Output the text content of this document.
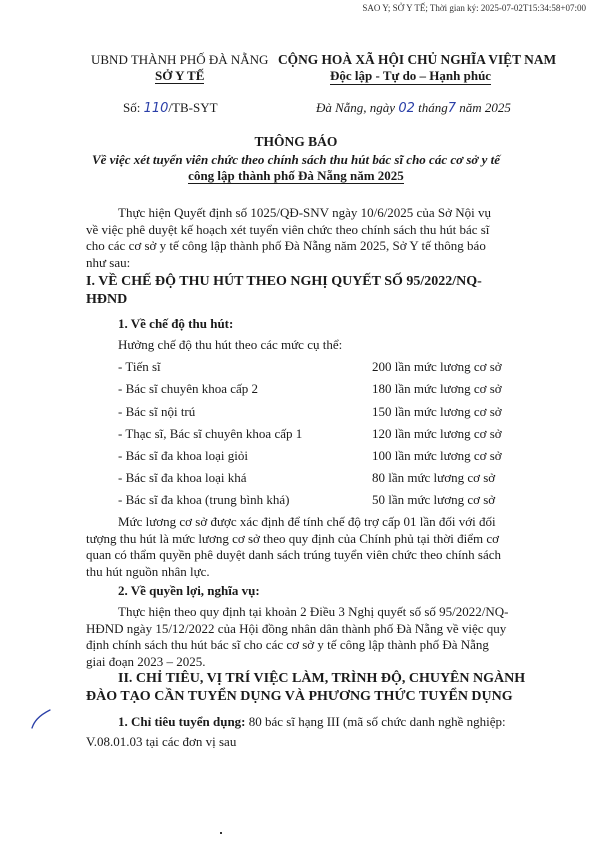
SAO Y; SỞ Y TẾ; Thời gian ký: 2025-07-02T15:34:58+07:00
UBND THÀNH PHỐ ĐÀ NẴNG
SỞ Y TẾ
CỘNG HOÀ XÃ HỘI CHỦ NGHĨA VIỆT NAM
Độc lập - Tự do – Hạnh phúc
Số: 110/TB-SYT	Đà Nẵng, ngày 02 tháng7 năm 2025
THÔNG BÁO
Về việc xét tuyển viên chức theo chính sách thu hút bác sĩ cho các cơ sở y tế
công lập thành phố Đà Nẵng năm 2025
Thực hiện Quyết định số 1025/QĐ-SNV ngày 10/6/2025 của Sở Nội vụ
về việc phê duyệt kế hoạch xét tuyển viên chức theo chính sách thu hút bác sĩ
cho các cơ sở y tế công lập thành phố Đà Nẵng năm 2025, Sở Y tế thông báo
như sau:
I. VỀ CHẾ ĐỘ THU HÚT THEO NGHỊ QUYẾT SỐ 95/2022/NQ-
HĐND
1. Về chế độ thu hút:
Hưởng chế độ thu hút theo các mức cụ thể:
- Tiến sĩ	200 lần mức lương cơ sở
- Bác sĩ chuyên khoa cấp 2	180 lần mức lương cơ sở
- Bác sĩ nội trú	150 lần mức lương cơ sở
- Thạc sĩ, Bác sĩ chuyên khoa cấp 1	120 lần mức lương cơ sở
- Bác sĩ đa khoa loại giỏi	100 lần mức lương cơ sở
- Bác sĩ đa khoa loại khá	80 lần mức lương cơ sở
- Bác sĩ đa khoa (trung bình khá)	50 lần mức lương cơ sở
Mức lương cơ sở được xác định để tính chế độ trợ cấp 01 lần đối với đối
tượng thu hút là mức lương cơ sở theo quy định của Chính phủ tại thời điểm cơ
quan có thẩm quyền phê duyệt danh sách trúng tuyển viên chức theo chính sách
thu hút nguồn nhân lực.
2. Về quyền lợi, nghĩa vụ:
Thực hiện theo quy định tại khoản 2 Điều 3 Nghị quyết số số 95/2022/NQ-
HĐND ngày 15/12/2022 của Hội đồng nhân dân thành phố Đà Nẵng về việc quy
định chính sách thu hút bác sĩ cho các cơ sở y tế công lập thành phố Đà Nẵng
giai đoạn 2023 – 2025.
II. CHỈ TIÊU, VỊ TRÍ VIỆC LÀM, TRÌNH ĐỘ, CHUYÊN NGÀNH
ĐÀO TẠO CẦN TUYỂN DỤNG VÀ PHƯƠNG THỨC TUYỂN DỤNG
1. Chỉ tiêu tuyển dụng: 80 bác sĩ hạng III (mã số chức danh nghề nghiệp:
V.08.01.03 tại các đơn vị sau
